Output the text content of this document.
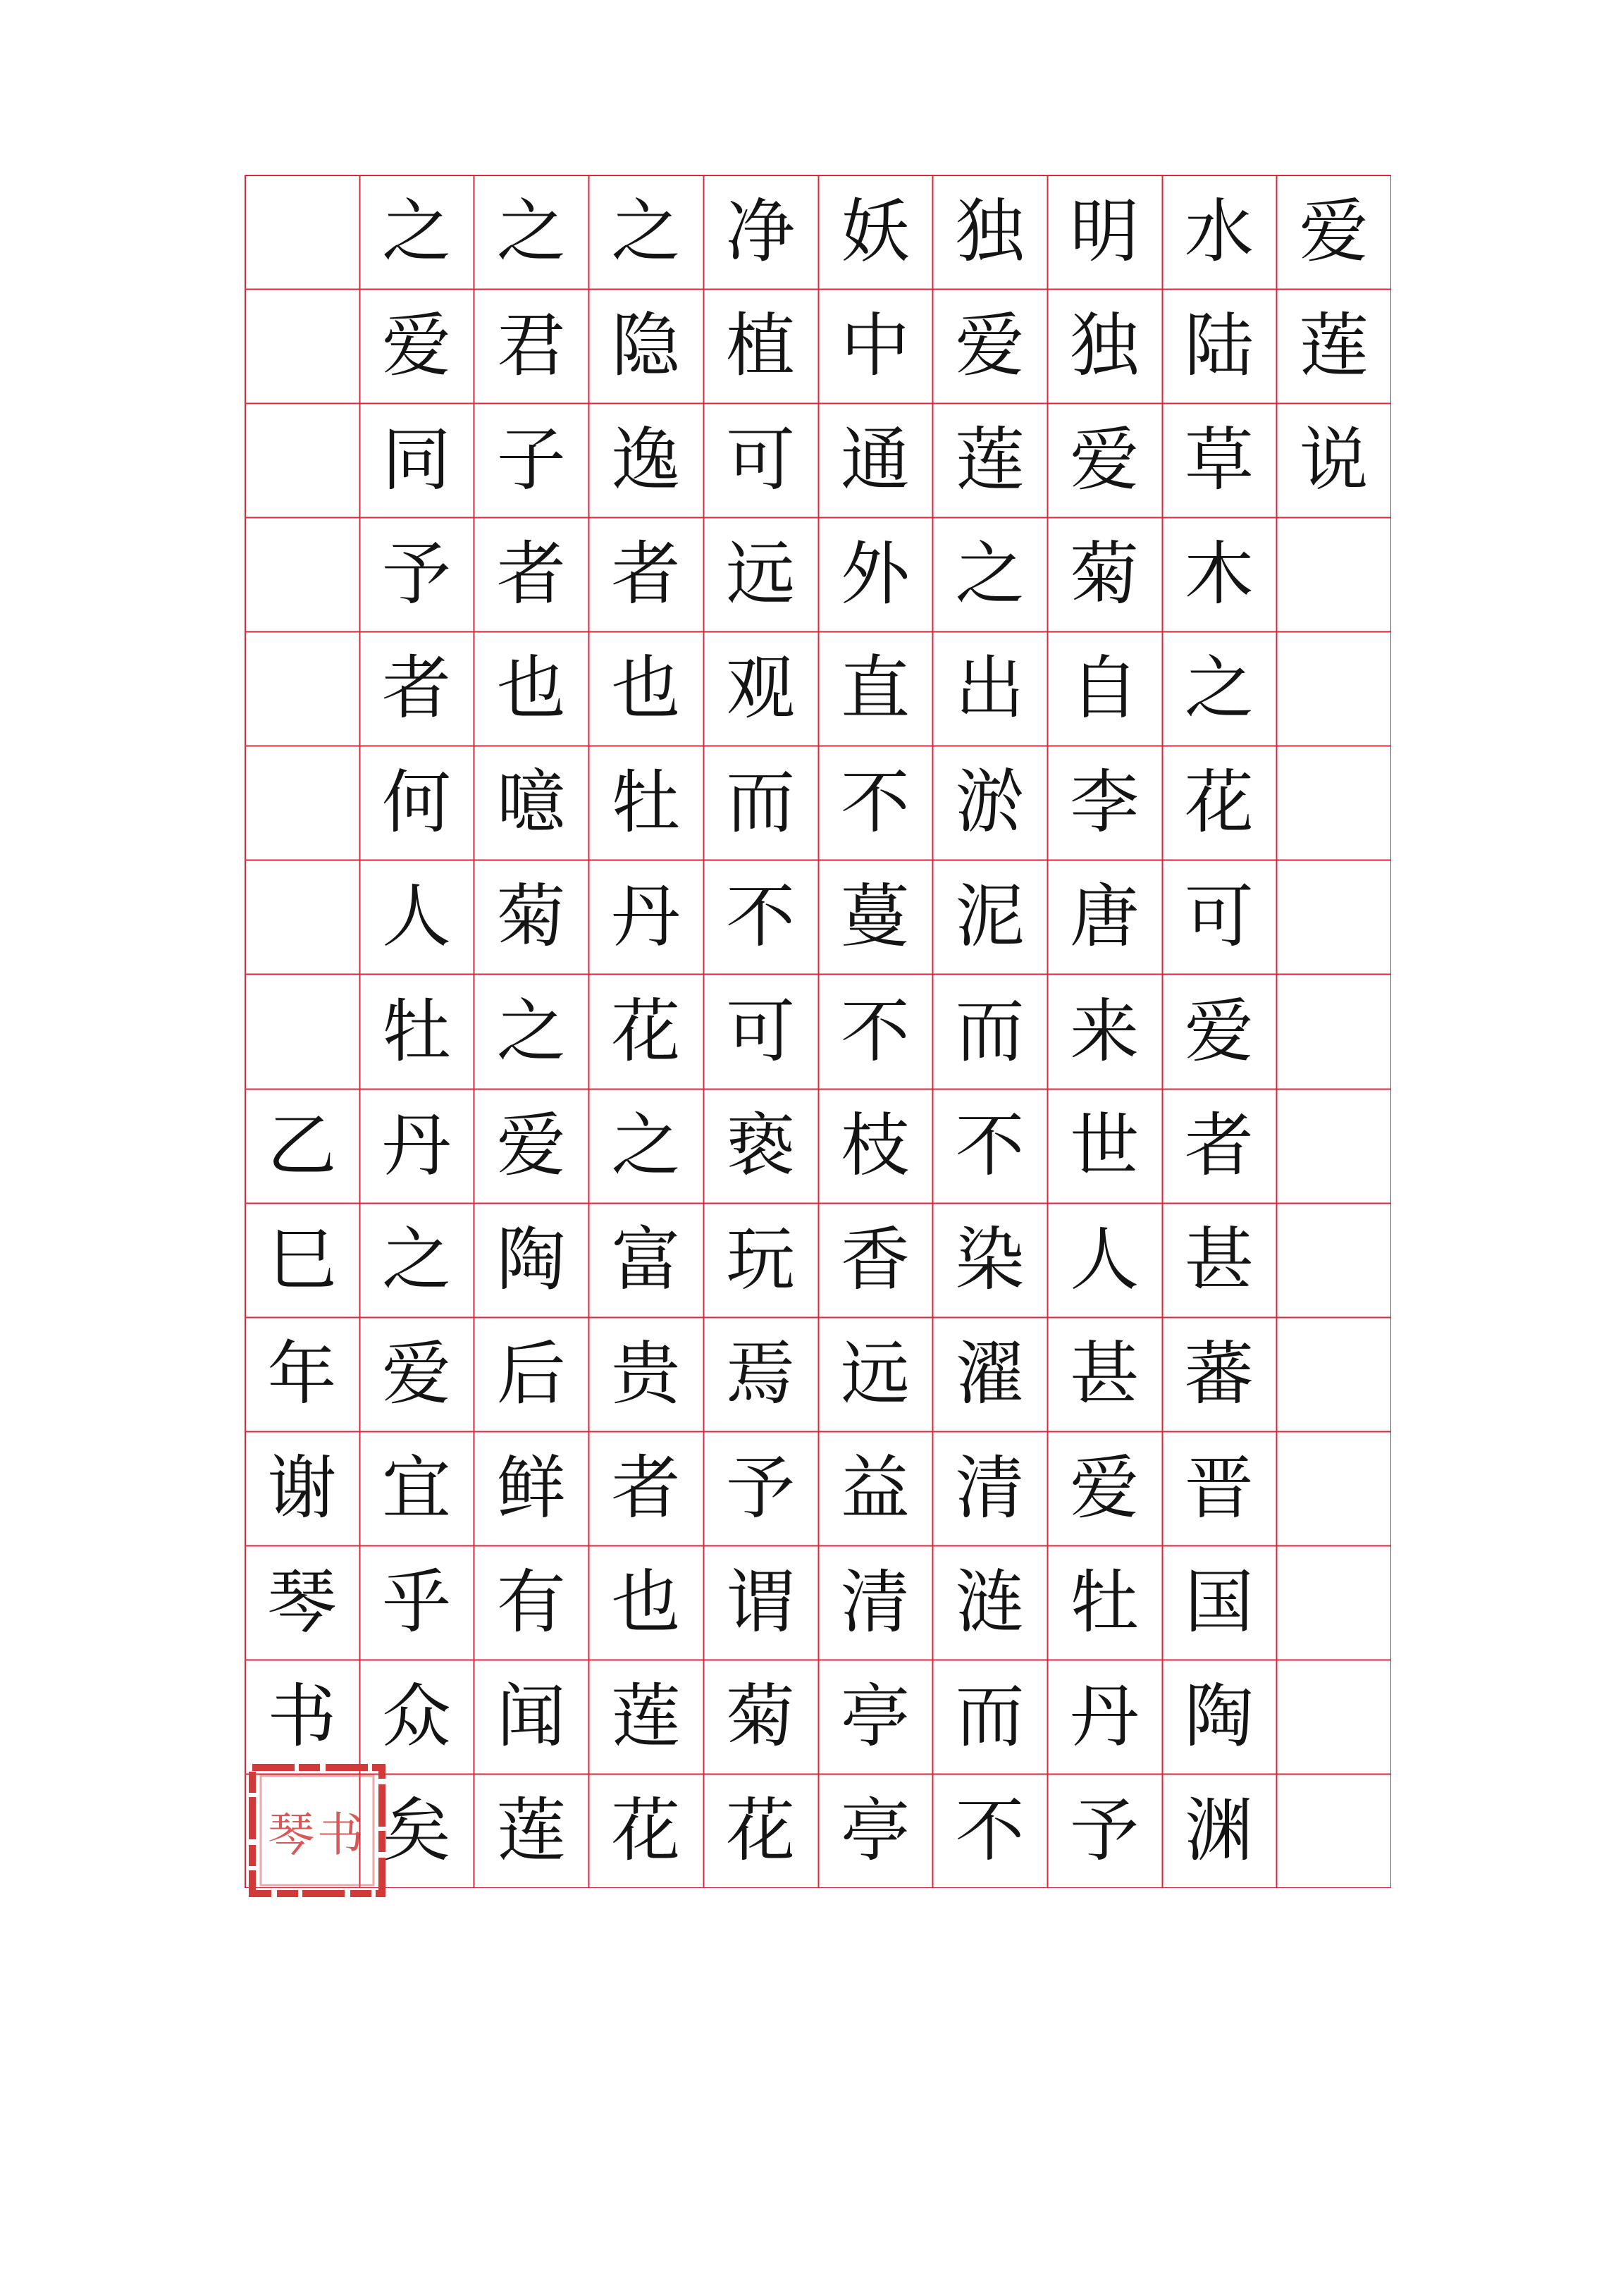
爱
莲
说
水
陆
草
木
之
花
可
爱
者
甚
蕃
晋
国
陶
渊
明
独
爱
菊
自
李
唐
来
世
人
甚
爱
牡
丹
予
独
爱
莲
之
出
淤
泥
而
不
染
濯
清
涟
而
不
妖
中
通
外
直
不
蔓
不
枝
香
远
益
清
亭
亭
净
植
可
远
观
而
不
可
亵
玩
焉
予
谓
菊
花
之
隐
逸
者
也
牡
丹
花
之
富
贵
者
也
莲
花
之
君
子
者
也
噫
菊
之
爱
陶
后
鲜
有
闻
莲
之
爱
同
予
者
何
人
牡
丹
之
爱
宜
乎
众
矣
乙
巳
年
谢
琴
书
琴书
